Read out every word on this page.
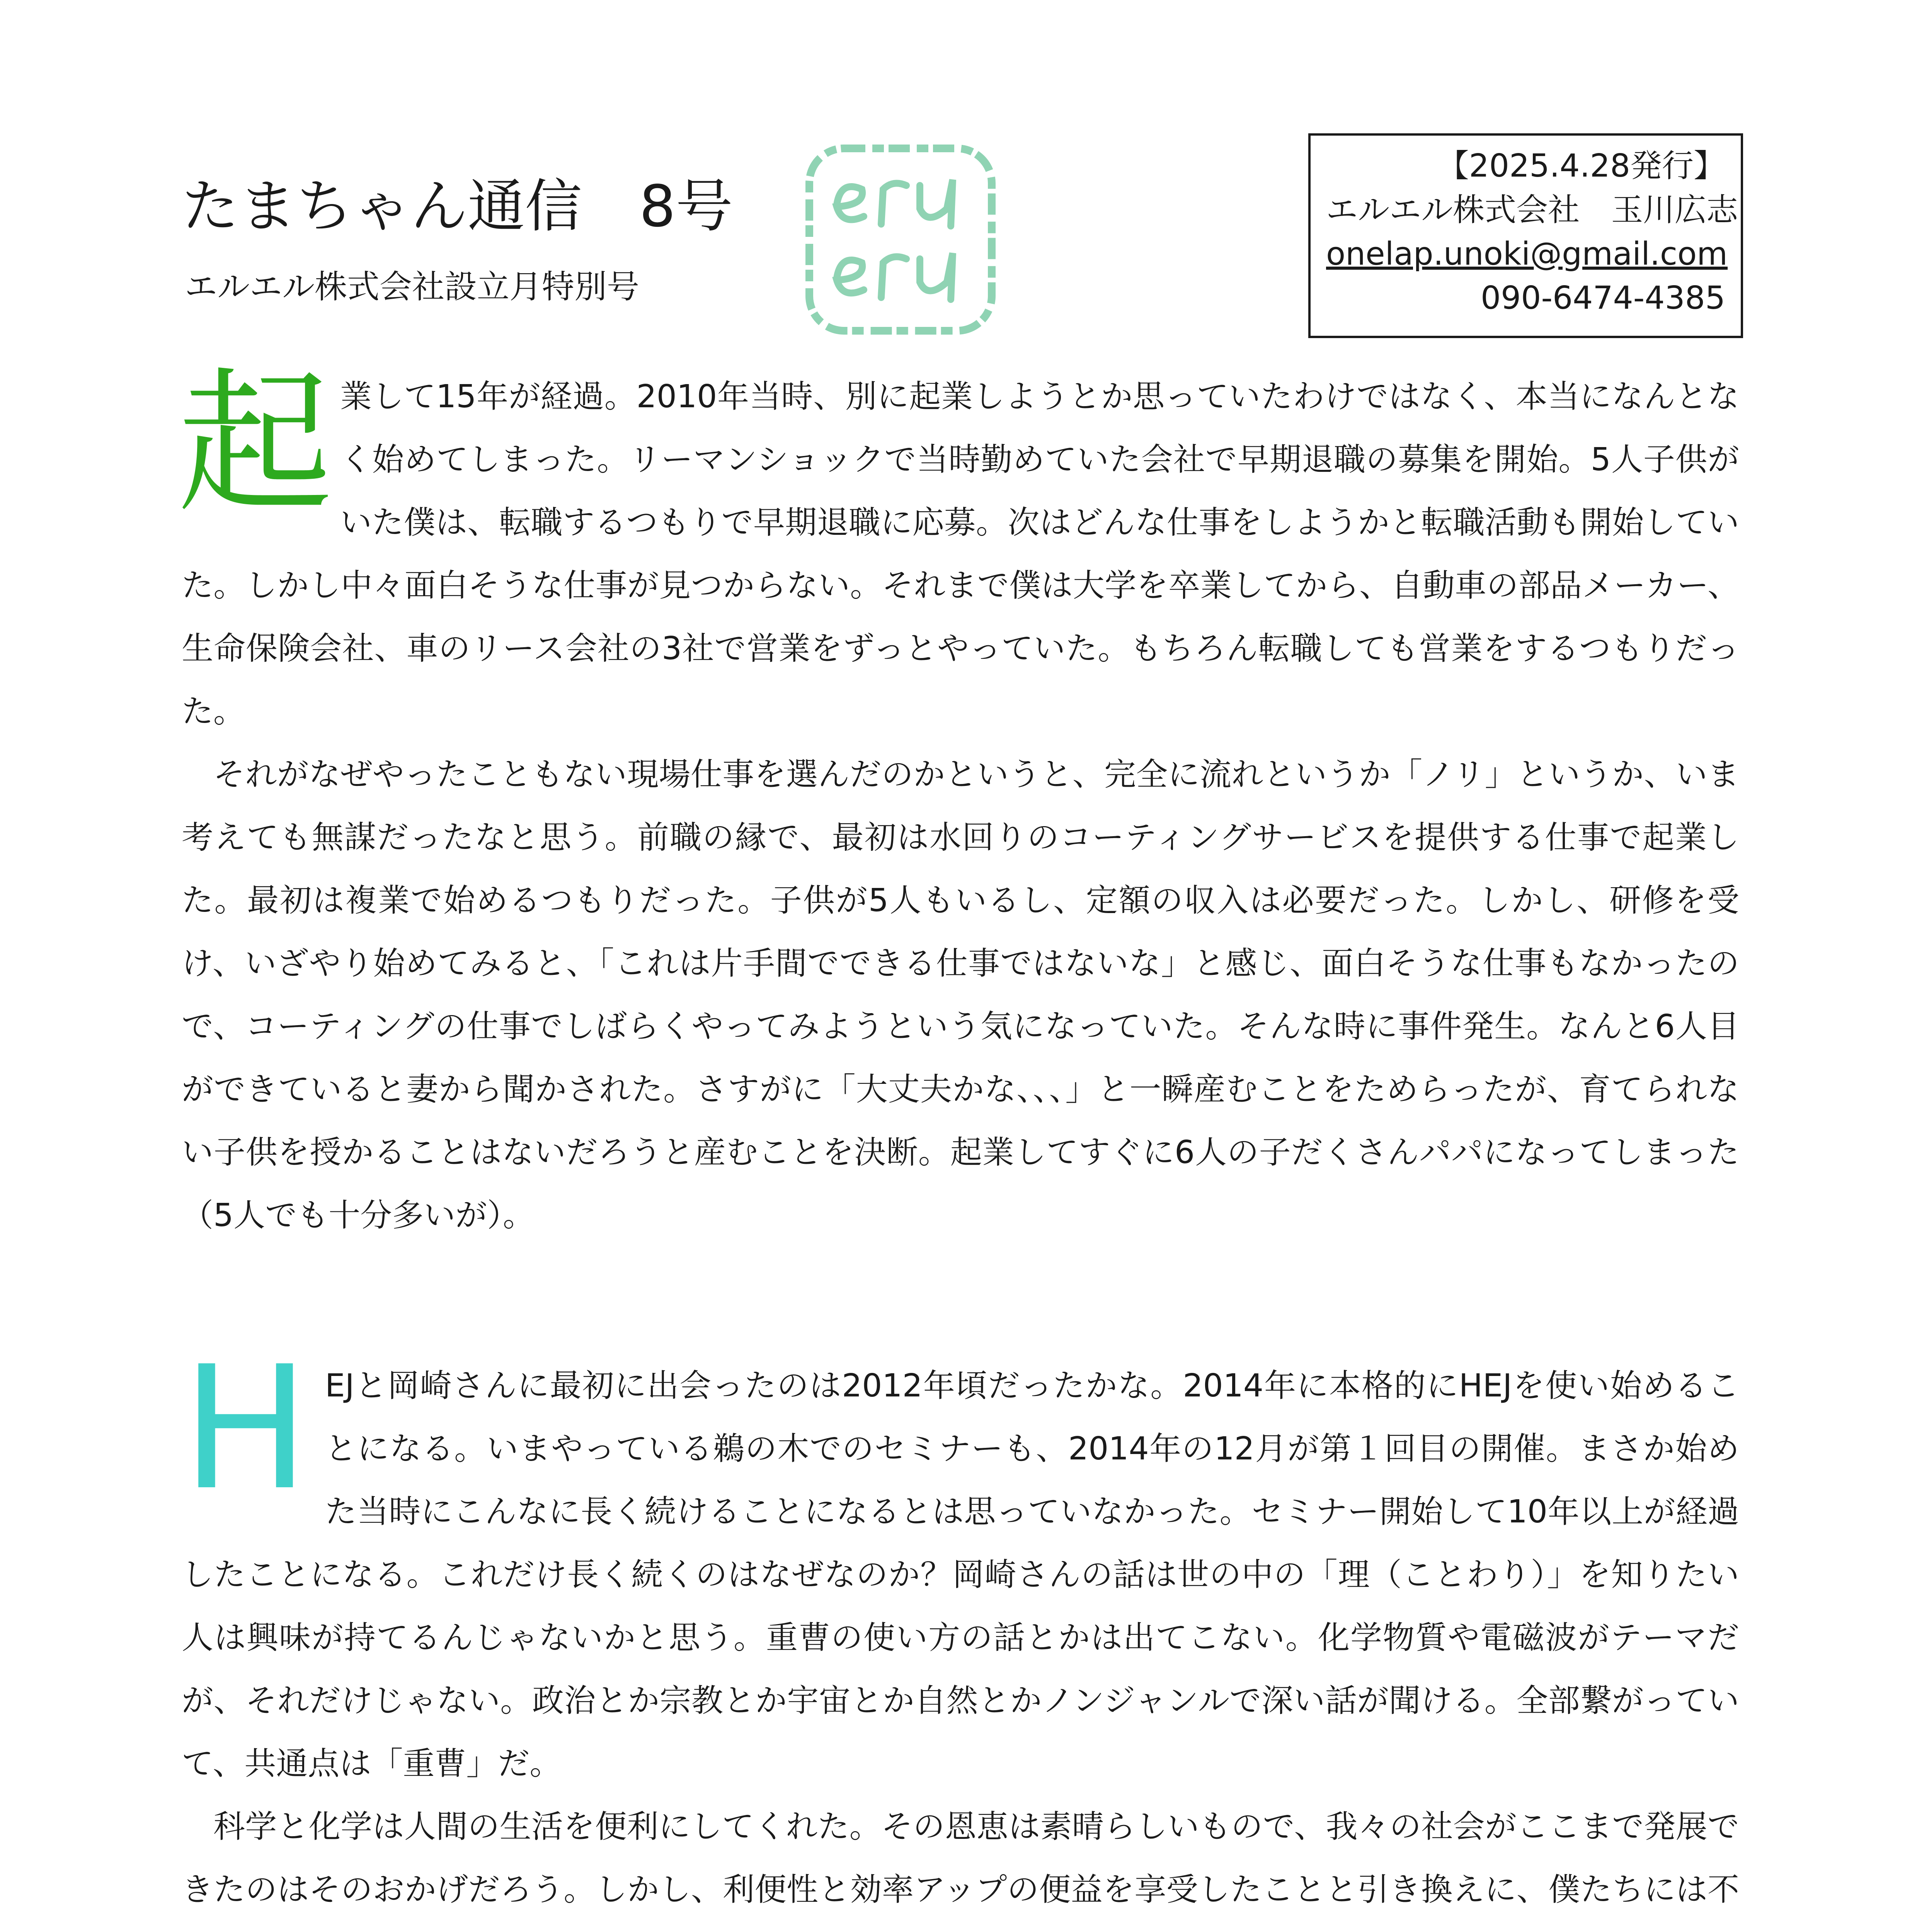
たまちゃん通信　8号
エルエル株式会社設立月特別号
【2025.4.28発行】
エルエル株式会社　玉川広志
onelap.unoki@gmail.com
090-6474-4385
起 業して15年が経過。2010年当時、別に起業しようとか思っていたわけではなく、本当になんとなく始めてしまった。リーマンショックで当時勤めていた会社で早期退職の募集を開始。5人子供がいた僕は、転職するつもりで早期退職に応募。次はどんな仕事をしようかと転職活動も開始していた。しかし中々面白そうな仕事が見つからない。それまで僕は大学を卒業してから、自動車の部品メーカー、生命保険会社、車のリース会社の3社で営業をずっとやっていた。もちろん転職しても営業をするつもりだった。

それがなぜやったこともない現場仕事を選んだのかというと、完全に流れというか「ノリ」というか、いま考えても無謀だったなと思う。前職の縁で、最初は水回りのコーティングサービスを提供する仕事で起業した。最初は複業で始めるつもりだった。子供が5人もいるし、定額の収入は必要だった。しかし、研修を受け、いざやり始めてみると、「これは片手間でできる仕事ではないな」と感じ、面白そうな仕事もなかったので、コーティングの仕事でしばらくやってみようという気になっていた。そんな時に事件発生。なんと6人目ができていると妻から聞かされた。さすがに「大丈夫かな、、、」と一瞬産むことをためらったが、育てられない子供を授かることはないだろうと産むことを決断。起業してすぐに6人の子だくさんパパになってしまった（5人でも十分多いが）。

H EJと岡崎さんに最初に出会ったのは2012年頃だったかな。2014年に本格的にHEJを使い始めることになる。いまやっている鵜の木でのセミナーも、2014年の12月が第１回目の開催。まさか始めた当時にこんなに長く続けることになるとは思っていなかった。セミナー開始して10年以上が経過したことになる。これだけ長く続くのはなぜなのか？岡崎さんの話は世の中の「理（ことわり）」を知りたい人は興味が持てるんじゃないかと思う。重曹の使い方の話とかは出てこない。化学物質や電磁波がテーマだが、それだけじゃない。政治とか宗教とか宇宙とか自然とかノンジャンルで深い話が聞ける。全部繋がっていて、共通点は「重曹」だ。

科学と化学は人間の生活を便利にしてくれた。その恩恵は素晴らしいもので、我々の社会がここまで発展できたのはそのおかげだろう。しかし、利便性と効率アップの便益を享受したことと引き換えに、僕たちには不
